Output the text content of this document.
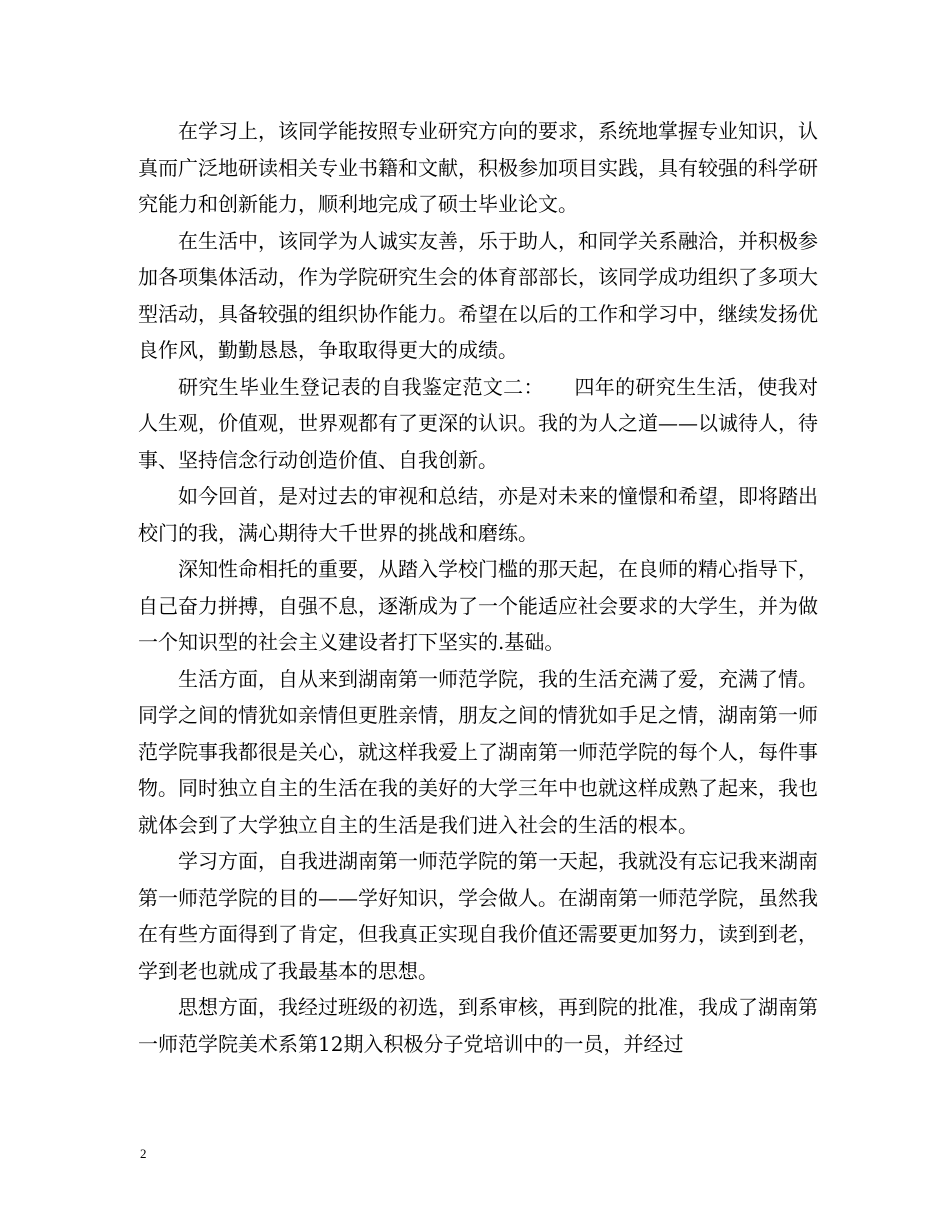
在学习上，该同学能按照专业研究方向的要求，系统地掌握专业知识，认真而广泛地研读相关专业书籍和文献，积极参加项目实践，具有较强的科学研究能力和创新能力，顺利地完成了硕士毕业论文。

在生活中，该同学为人诚实友善，乐于助人，和同学关系融洽，并积极参加各项集体活动，作为学院研究生会的体育部部长，该同学成功组织了多项大型活动，具备较强的组织协作能力。希望在以后的工作和学习中，继续发扬优良作风，勤勤恳恳，争取取得更大的成绩。

研究生毕业生登记表的自我鉴定范文二：　　四年的研究生生活，使我对人生观，价值观，世界观都有了更深的认识。我的为人之道——以诚待人，待事、坚持信念行动创造价值、自我创新。

如今回首，是对过去的审视和总结，亦是对未来的憧憬和希望，即将踏出校门的我，满心期待大千世界的挑战和磨练。

深知性命相托的重要，从踏入学校门槛的那天起，在良师的精心指导下，自己奋力拼搏，自强不息，逐渐成为了一个能适应社会要求的大学生，并为做一个知识型的社会主义建设者打下坚实的.基础。

生活方面，自从来到湖南第一师范学院，我的生活充满了爱，充满了情。同学之间的情犹如亲情但更胜亲情，朋友之间的情犹如手足之情，湖南第一师范学院事我都很是关心，就这样我爱上了湖南第一师范学院的每个人，每件事物。同时独立自主的生活在我的美好的大学三年中也就这样成熟了起来，我也就体会到了大学独立自主的生活是我们进入社会的生活的根本。

学习方面，自我进湖南第一师范学院的第一天起，我就没有忘记我来湖南第一师范学院的目的——学好知识，学会做人。在湖南第一师范学院，虽然我在有些方面得到了肯定，但我真正实现自我价值还需要更加努力，读到到老，学到老也就成了我最基本的思想。

思想方面，我经过班级的初选，到系审核，再到院的批准，我成了湖南第一师范学院美术系第12期入积极分子党培训中的一员，并经过

2
